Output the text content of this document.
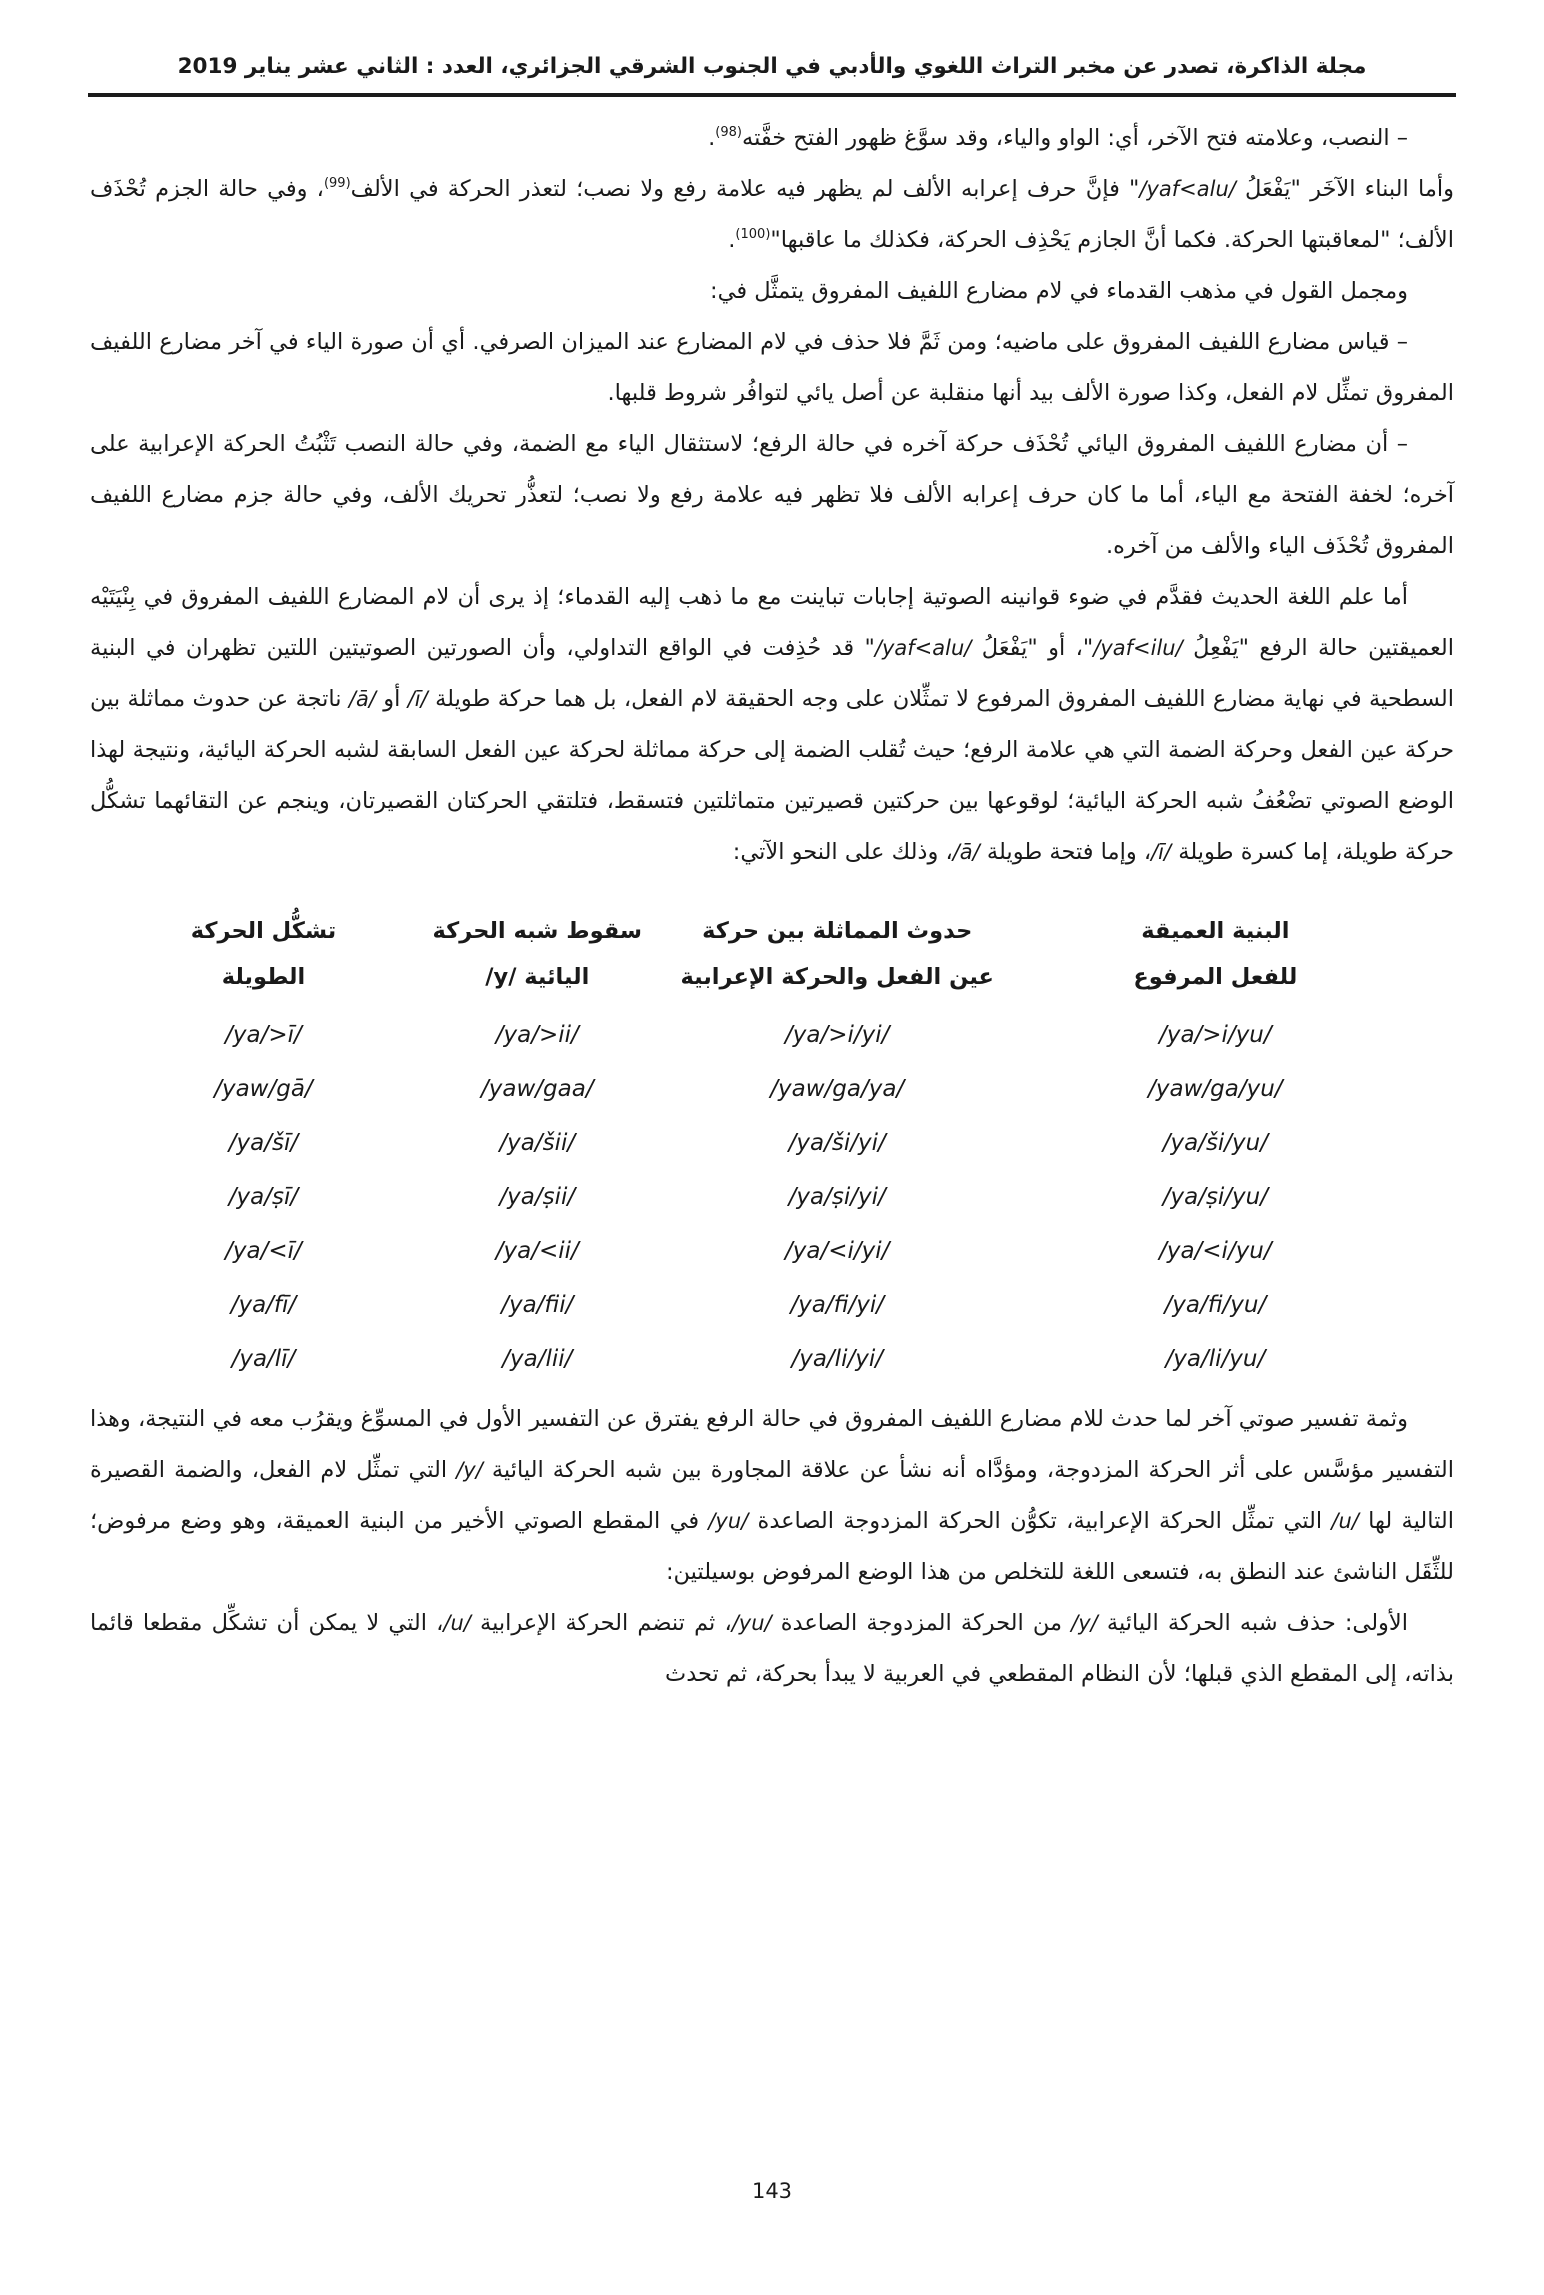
مجلة الذاكرة، تصدر عن مخبر التراث اللغوي والأدبي في الجنوب الشرقي الجزائري، العدد : الثاني عشر يناير 2019

– النصب، وعلامته فتح الآخر، أي: الواو والياء، وقد سوَّغ ظهور الفتح خفَّته$^{(98)}$.

وأما البناء الآخَر "يَفْعَلُ /yaf<alu/" فإنَّ حرف إعرابه الألف لم يظهر فيه علامة رفع ولا نصب؛ لتعذر الحركة في الألف$^{(99)}$، وفي حالة الجزم تُحْذَف الألف؛ "لمعاقبتها الحركة. فكما أنَّ الجازم يَحْذِف الحركة، فكذلك ما عاقبها"$^{(100)}$.

ومجمل القول في مذهب القدماء في لام مضارع اللفيف المفروق يتمثَّل في:

– قياس مضارع اللفيف المفروق على ماضيه؛ ومن ثَمَّ فلا حذف في لام المضارع عند الميزان الصرفي. أي أن صورة الياء في آخر مضارع اللفيف المفروق تمثِّل لام الفعل، وكذا صورة الألف بيد أنها منقلبة عن أصل يائي لتوافُر شروط قلبها.

– أن مضارع اللفيف المفروق اليائي تُحْذَف حركة آخره في حالة الرفع؛ لاستثقال الياء مع الضمة، وفي حالة النصب تَثْبُتُ الحركة الإعرابية على آخره؛ لخفة الفتحة مع الياء، أما ما كان حرف إعرابه الألف فلا تظهر فيه علامة رفع ولا نصب؛ لتعذُّر تحريك الألف، وفي حالة جزم مضارع اللفيف المفروق تُحْذَف الياء والألف من آخره.

أما علم اللغة الحديث فقدَّم في ضوء قوانينه الصوتية إجابات تباينت مع ما ذهب إليه القدماء؛ إذ يرى أن لام المضارع اللفيف المفروق في بِنْيَتَيْه العميقتين حالة الرفع "يَفْعِلُ /yaf<ilu/"، أو "يَفْعَلُ /yaf<alu/" قد حُذِفت في الواقع التداولي، وأن الصورتين الصوتيتين اللتين تظهران في البنية السطحية في نهاية مضارع اللفيف المفروق المرفوع لا تمثِّلان على وجه الحقيقة لام الفعل، بل هما حركة طويلة /ī/ أو /ā/ ناتجة عن حدوث مماثلة بين حركة عين الفعل وحركة الضمة التي هي علامة الرفع؛ حيث تُقلب الضمة إلى حركة مماثلة لحركة عين الفعل السابقة لشبه الحركة اليائية، ونتيجة لهذا الوضع الصوتي تضْعُفُ شبه الحركة اليائية؛ لوقوعها بين حركتين قصيرتين متماثلتين فتسقط، فتلتقي الحركتان القصيرتان، وينجم عن التقائهما تشكُّل حركة طويلة، إما كسرة طويلة /ī/، وإما فتحة طويلة /ā/، وذلك على النحو الآتي:

البنية العميقة
للفعل المرفوع

حدوث المماثلة بين حركة
عين الفعل والحركة الإعرابية

سقوط شبه الحركة
اليائية /y/

تشكُّل الحركة
الطويلة

/ya/>i/yu/	/ya/>i/yi/	/ya/>ii/	/ya/>ī/
/yaw/ga/yu/	/yaw/ga/ya/	/yaw/gaa/	/yaw/gā/
/ya/ši/yu/	/ya/ši/yi/	/ya/šii/	/ya/šī/
/ya/ṣi/yu/	/ya/ṣi/yi/	/ya/ṣii/	/ya/ṣī/
/ya/<i/yu/	/ya/<i/yi/	/ya/<ii/	/ya/<ī/
/ya/fi/yu/	/ya/fi/yi/	/ya/fii/	/ya/fī/
/ya/li/yu/	/ya/li/yi/	/ya/lii/	/ya/lī/

وثمة تفسير صوتي آخر لما حدث للام مضارع اللفيف المفروق في حالة الرفع يفترق عن التفسير الأول في المسوِّغ ويقرُب معه في النتيجة، وهذا التفسير مؤسَّس على أثر الحركة المزدوجة، ومؤدَّاه أنه نشأ عن علاقة المجاورة بين شبه الحركة اليائية /y/ التي تمثِّل لام الفعل، والضمة القصيرة التالية لها /u/ التي تمثِّل الحركة الإعرابية، تكوُّن الحركة المزدوجة الصاعدة /yu/ في المقطع الصوتي الأخير من البنية العميقة، وهو وضع مرفوض؛ للثِّقَل الناشئ عند النطق به، فتسعى اللغة للتخلص من هذا الوضع المرفوض بوسيلتين:

الأولى: حذف شبه الحركة اليائية /y/ من الحركة المزدوجة الصاعدة /yu/، ثم تنضم الحركة الإعرابية /u/، التي لا يمكن أن تشكِّل مقطعا قائما بذاته، إلى المقطع الذي قبلها؛ لأن النظام المقطعي في العربية لا يبدأ بحركة، ثم تحدث

143
